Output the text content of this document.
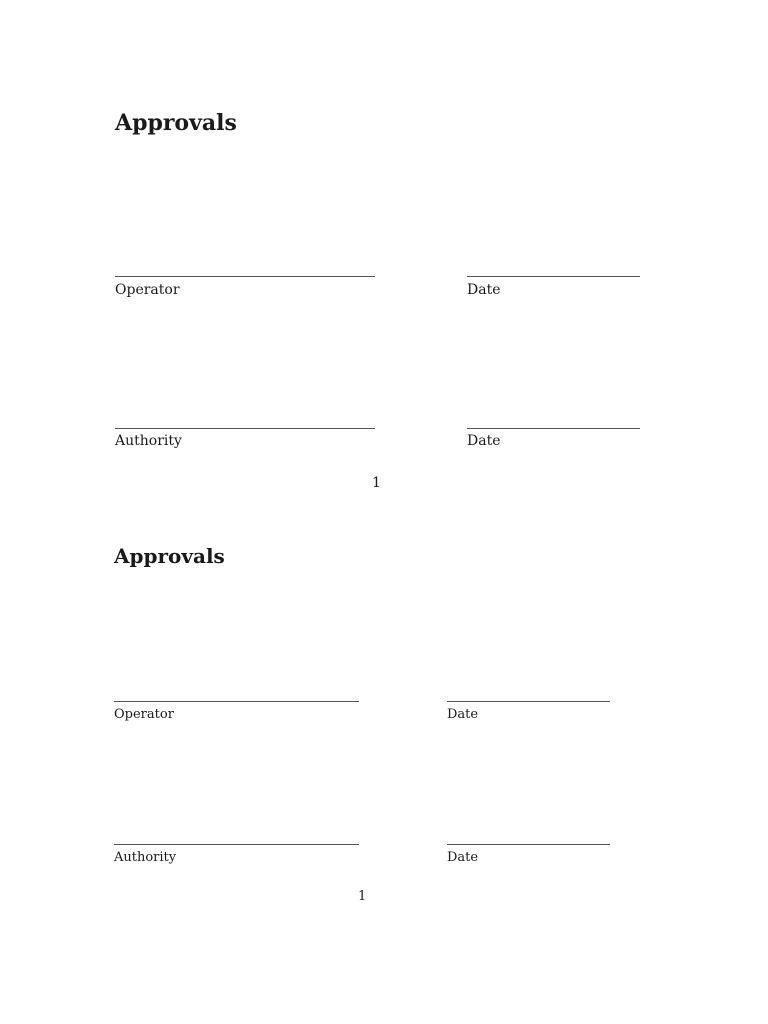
Approvals
Operator	Date
Authority	Date
1
Approvals
Operator	Date
Authority	Date
1
